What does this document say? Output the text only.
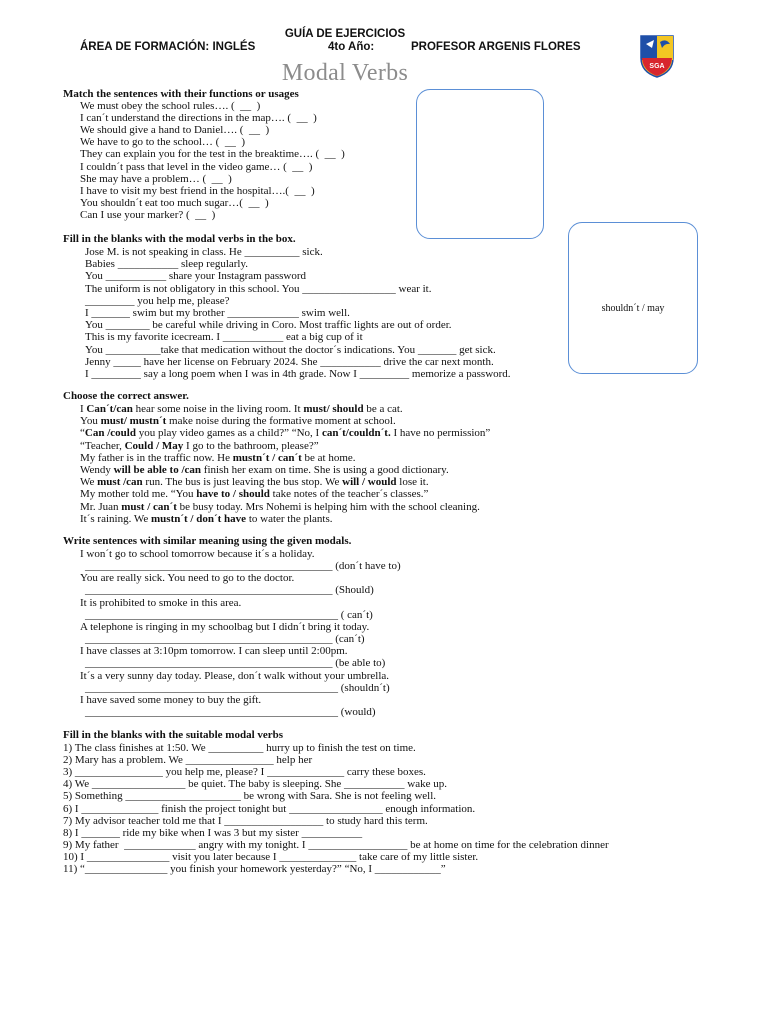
GUÍA DE EJERCICIOS
ÁREA DE FORMACIÓN: INGLÉS	4to Año:	PROFESOR ARGENIS FLORES
Modal Verbs	SGA
shouldn´t / may
Match the sentences with their functions or usages
We must obey the school rules…. (  __  )
I can´t understand the directions in the map…. (  __  )
We should give a hand to Daniel…. (  __  )
We have to go to the school… (  __  )
They can explain you for the test in the breaktime…. (  __  )
I couldn´t pass that level in the video game… (  __  )
She may have a problem… (  __  )
I have to visit my best friend in the hospital….(  __  )
You shouldn´t eat too much sugar…(  __  )
Can I use your marker? (  __  )
Fill in the blanks with the modal verbs in the box.
Jose M. is not speaking in class. He __________ sick.
Babies ___________ sleep regularly.
You ___________ share your Instagram password
The uniform is not obligatory in this school. You _________________ wear it.
_________ you help me, please?
I _______ swim but my brother _____________ swim well.
You ________ be careful while driving in Coro. Most traffic lights are out of order.
This is my favorite icecream. I ___________ eat a big cup of it
You __________take that medication without the doctor´s indications. You _______ get sick.
Jenny _____ have her license on February 2024. She ___________ drive the car next month.
I _________ say a long poem when I was in 4th grade. Now I _________ memorize a password.
Choose the correct answer.
I Can´t/can hear some noise in the living room. It must/ should be a cat.
You must/ mustn´t make noise during the formative moment at school.
“Can /could you play video games as a child?” “No, I can´t/couldn´t. I have no permission”
“Teacher, Could / May I go to the bathroom, please?”
My father is in the traffic now. He mustn´t / can´t be at home.
Wendy will be able to /can finish her exam on time. She is using a good dictionary.
We must /can run. The bus is just leaving the bus stop. We will / would lose it.
My mother told me. “You have to / should take notes of the teacher´s classes.”
Mr. Juan must / can´t be busy today. Mrs Nohemi is helping him with the school cleaning.
It´s raining. We mustn´t / don´t have to water the plants.
Write sentences with similar meaning using the given modals.
I won´t go to school tomorrow because it´s a holiday.
_____________________________________________ (don´t have to)
You are really sick. You need to go to the doctor.
_____________________________________________ (Should)
It is prohibited to smoke in this area.
______________________________________________ ( can´t)
A telephone is ringing in my schoolbag but I didn´t bring it today.
_____________________________________________ (can´t)
I have classes at 3:10pm tomorrow. I can sleep until 2:00pm.
_____________________________________________ (be able to)
It´s a very sunny day today. Please, don´t walk without your umbrella.
______________________________________________ (shouldn´t)
I have saved some money to buy the gift.
______________________________________________ (would)
Fill in the blanks with the suitable modal verbs
1) The class finishes at 1:50. We __________ hurry up to finish the test on time.
2) Mary has a problem. We ________________ help her
3) ________________ you help me, please? I ______________ carry these boxes.
4) We _________________ be quiet. The baby is sleeping. She ___________ wake up.
5) Something _____________________ be wrong with Sara. She is not feeling well.
6) I ______________ finish the project tonight but _________________ enough information.
7) My advisor teacher told me that I __________________ to study hard this term.
8) I _______ ride my bike when I was 3 but my sister ___________
9) My father  _____________ angry with my tonight. I __________________ be at home on time for the celebration dinner
10) I _______________ visit you later because I ______________ take care of my little sister.
11) “_______________ you finish your homework yesterday?” “No, I ____________”
